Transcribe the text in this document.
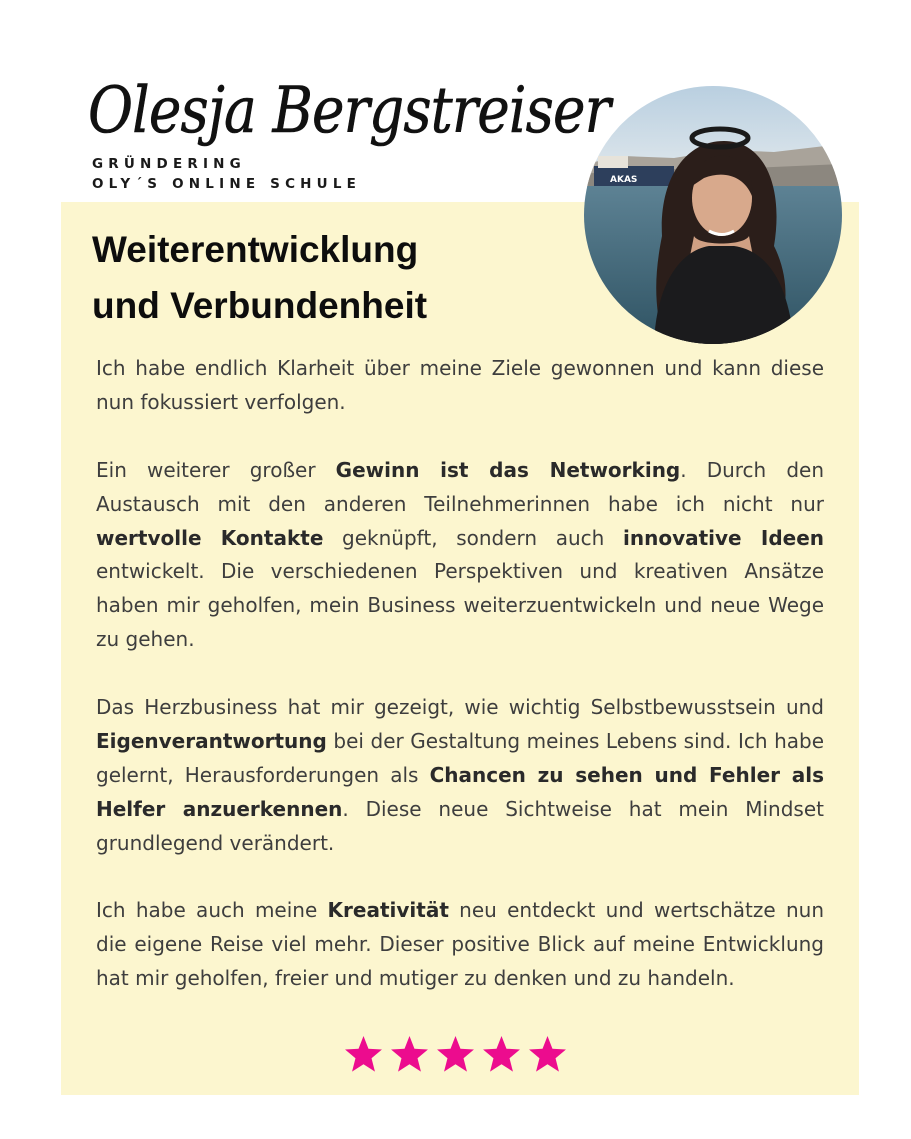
Olesja Bergstreiser
GRÜNDERING
OLY´S ONLINE SCHULE	AKAS
Weiterentwicklung
und Verbundenheit

Ich habe endlich Klarheit über meine Ziele gewonnen und kann diese nun fokussiert verfolgen.

Ein weiterer großer Gewinn ist das Networking. Durch den Austausch mit den anderen Teilnehmerinnen habe ich nicht nur wertvolle Kontakte geknüpft, sondern auch innovative Ideen entwickelt. Die verschiedenen Perspektiven und kreativen Ansätze haben mir geholfen, mein Business weiterzuentwickeln und neue Wege zu gehen.

Das Herzbusiness hat mir gezeigt, wie wichtig Selbstbewusstsein und Eigenverantwortung bei der Gestaltung meines Lebens sind. Ich habe gelernt, Herausforderungen als Chancen zu sehen und Fehler als Helfer anzuerkennen. Diese neue Sichtweise hat mein Mindset grundlegend verändert.

Ich habe auch meine Kreativität neu entdeckt und wertschätze nun die eigene Reise viel mehr. Dieser positive Blick auf meine Entwicklung hat mir geholfen, freier und mutiger zu denken und zu handeln.
